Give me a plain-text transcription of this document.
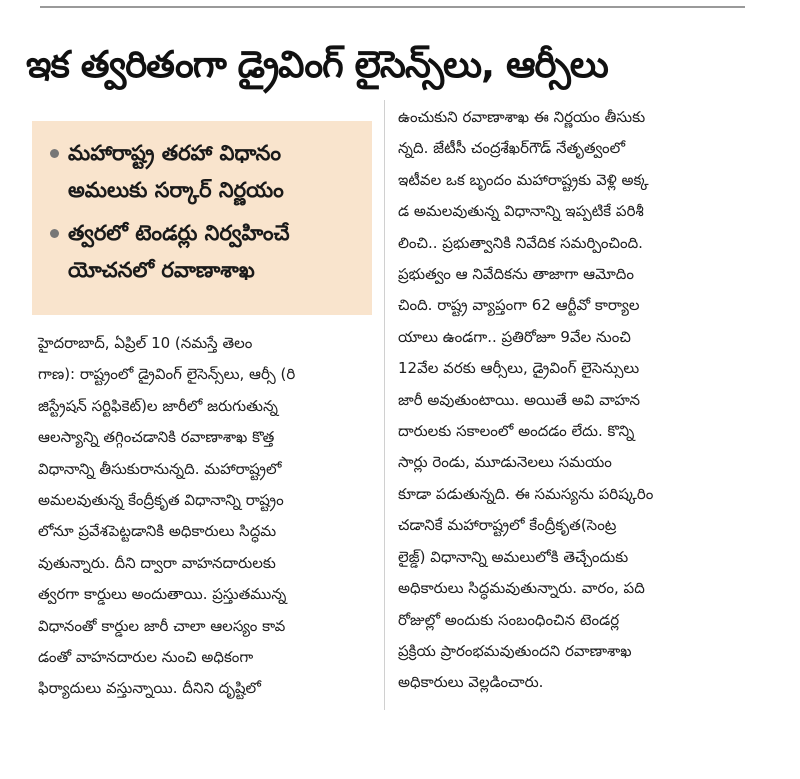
ఇక త్వరితంగా డ్రైవింగ్ లైసెన్స్‌లు, ఆర్సీలు
మహారాష్ట్ర తరహా విధానం
అమలుకు సర్కార్ నిర్ణయం
త్వరలో టెండర్లు నిర్వహించే
యోచనలో రవాణాశాఖ
హైదరాబాద్, ఏప్రిల్ 10 (నమస్తే తెలం
గాణ): రాష్ట్రంలో డ్రైవింగ్ లైసెన్స్‌లు, ఆర్సీ (రి
జిస్ట్రేషన్ సర్టిఫికెట్)ల జారీలో జరుగుతున్న
ఆలస్యాన్ని తగ్గించడానికి రవాణాశాఖ కొత్త
విధానాన్ని తీసుకురానున్నది. మహారాష్ట్రలో
అమలవుతున్న కేంద్రీకృత విధానాన్ని రాష్ట్రం
లోనూ ప్రవేశపెట్టడానికి అధికారులు సిద్ధమ
వుతున్నారు. దీని ద్వారా వాహనదారులకు
త్వరగా కార్డులు అందుతాయి. ప్రస్తుతమున్న
విధానంతో కార్డుల జారీ చాలా ఆలస్యం కావ
డంతో వాహనదారుల నుంచి అధికంగా
ఫిర్యాదులు వస్తున్నాయి. దీనిని దృష్టిలో
ఉంచుకుని రవాణాశాఖ ఈ నిర్ణయం తీసుకు
న్నది. జేటీసీ చంద్రశేఖర్‌గౌడ్ నేతృత్వంలో
ఇటీవల ఒక బృందం మహారాష్ట్రకు వెళ్లి అక్క
డ అమలవుతున్న విధానాన్ని ఇప్పటికే పరిశీ
లించి.. ప్రభుత్వానికి నివేదిక సమర్పించింది.
ప్రభుత్వం ఆ నివేదికను తాజాగా ఆమోదిం
చింది. రాష్ట్ర వ్యాప్తంగా 62 ఆర్టీవో కార్యాల
యాలు ఉండగా.. ప్రతిరోజూ 9వేల నుంచి
12వేల వరకు ఆర్సీలు, డ్రైవింగ్ లైసెన్సులు
జారీ అవుతుంటాయి. అయితే అవి వాహన
దారులకు సకాలంలో అందడం లేదు. కొన్ని
సార్లు రెండు, మూడునెలలు సమయం
కూడా పడుతున్నది. ఈ సమస్యను పరిష్కరిం
చడానికే మహారాష్ట్రలో కేంద్రీకృత(సెంట్ర
లైజ్డ్) విధానాన్ని అమలులోకి తెచ్చేందుకు
అధికారులు సిద్ధమవుతున్నారు. వారం, పది
రోజుల్లో అందుకు సంబంధించిన టెండర్ల
ప్రక్రియ ప్రారంభమవుతుందని రవాణాశాఖ
అధికారులు వెల్లడించారు.
